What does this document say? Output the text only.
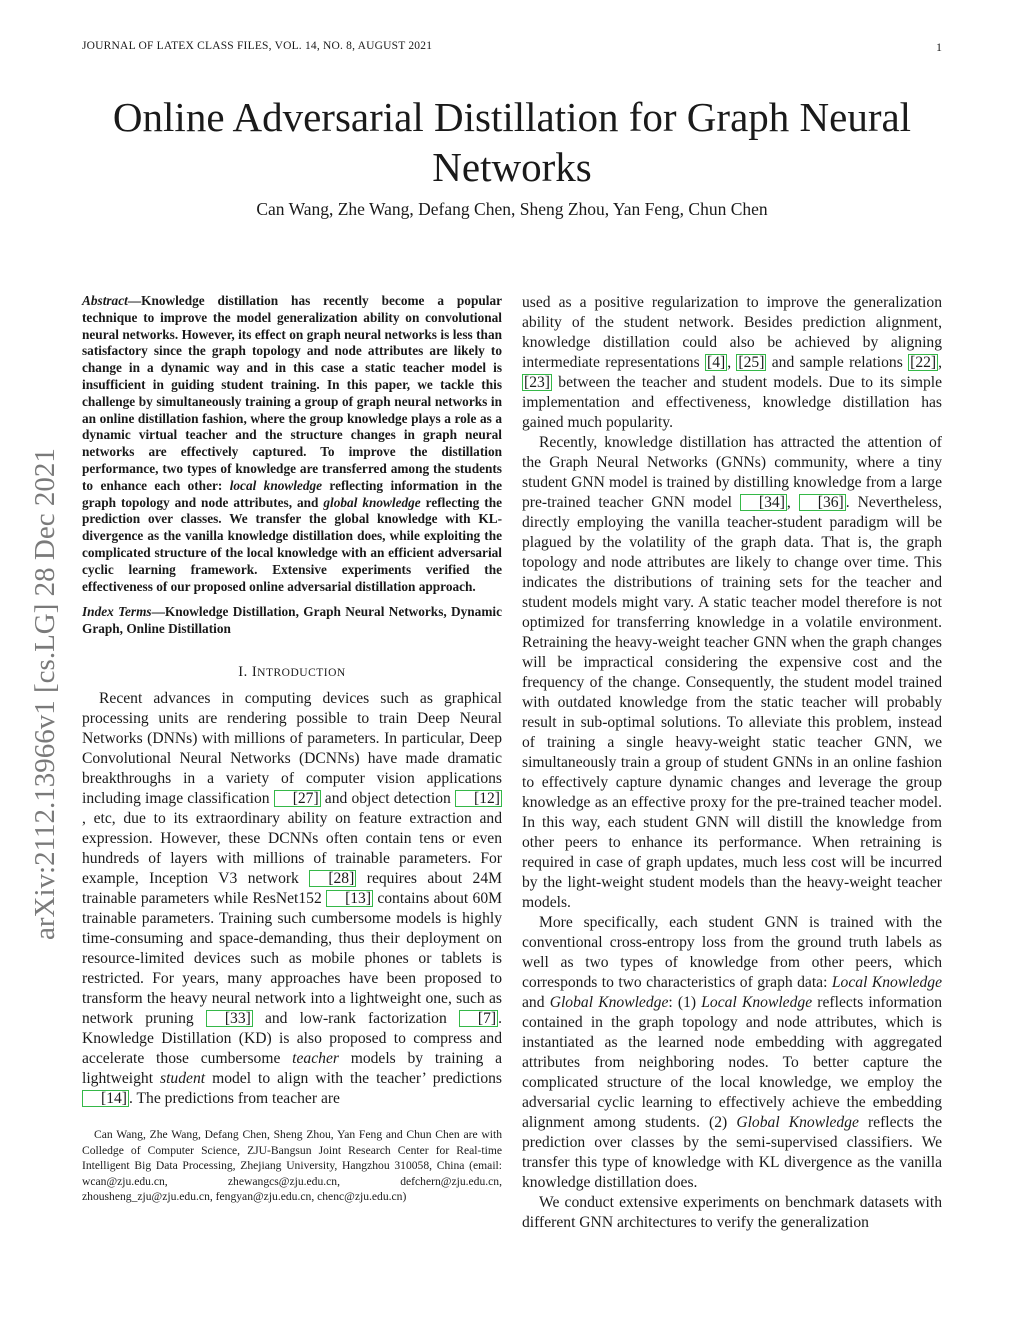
JOURNAL OF LATEX CLASS FILES, VOL. 14, NO. 8, AUGUST 2021	1
Online Adversarial Distillation for Graph Neural Networks
Can Wang, Zhe Wang, Defang Chen, Sheng Zhou, Yan Feng, Chun Chen
arXiv:2112.13966v1 [cs.LG] 28 Dec 2021

Abstract—Knowledge distillation has recently become a popular technique to improve the model generalization ability on convolutional neural networks. However, its effect on graph neural networks is less than satisfactory since the graph topology and node attributes are likely to change in a dynamic way and in this case a static teacher model is insufficient in guiding student training. In this paper, we tackle this challenge by simultaneously training a group of graph neural networks in an online distillation fashion, where the group knowledge plays a role as a dynamic virtual teacher and the structure changes in graph neural networks are effectively captured. To improve the distillation performance, two types of knowledge are transferred among the students to enhance each other: local knowledge reflecting information in the graph topology and node attributes, and global knowledge reflecting the prediction over classes. We transfer the global knowledge with KL-divergence as the vanilla knowledge distillation does, while exploiting the complicated structure of the local knowledge with an efficient adversarial cyclic learning framework. Extensive experiments verified the effectiveness of our proposed online adversarial distillation approach.

Index Terms—Knowledge Distillation, Graph Neural Networks, Dynamic Graph, Online Distillation

I. INTRODUCTION

Recent advances in computing devices such as graphical processing units are rendering possible to train Deep Neural Networks (DNNs) with millions of parameters. In particular, Deep Convolutional Neural Networks (DCNNs) have made dramatic breakthroughs in a variety of computer vision applications including image classification [27] and object detection [12], etc, due to its extraordinary ability on feature extraction and expression. However, these DCNNs often contain tens or even hundreds of layers with millions of trainable parameters. For example, Inception V3 network [28] requires about 24M trainable parameters while ResNet152 [13] contains about 60M trainable parameters. Training such cumbersome models is highly time-consuming and space-demanding, thus their deployment on resource-limited devices such as mobile phones or tablets is restricted. For years, many approaches have been proposed to transform the heavy neural network into a lightweight one, such as network pruning [33] and low-rank factorization [7] . Knowledge Distillation (KD) is also proposed to compress and accelerate those cumbersome teacher models by training a lightweight student model to align with the teacher’ predictions [14] . The predictions from teacher are

Can Wang, Zhe Wang, Defang Chen, Sheng Zhou, Yan Feng and Chun Chen are with Colledge of Computer Science, ZJU-Bangsun Joint Research Center for Real-time Intelligent Big Data Processing, Zhejiang University, Hangzhou 310058, China (email: wcan@zju.edu.cn, zhewangcs@zju.edu.cn, defchern@zju.edu.cn, zhousheng_zju@zju.edu.cn, fengyan@zju.edu.cn, chenc@zju.edu.cn)

used as a positive regularization to improve the generalization ability of the student network. Besides prediction alignment, knowledge distillation could also be achieved by aligning intermediate representations [4] , [25] and sample relations [22] , [23] between the teacher and student models. Due to its simple implementation and effectiveness, knowledge distillation has gained much popularity.

Recently, knowledge distillation has attracted the attention of the Graph Neural Networks (GNNs) community, where a tiny student GNN model is trained by distilling knowledge from a large pre-trained teacher GNN model [34] , [36] . Nevertheless, directly employing the vanilla teacher-student paradigm will be plagued by the volatility of the graph data. That is, the graph topology and node attributes are likely to change over time. This indicates the distributions of training sets for the teacher and student models might vary. A static teacher model therefore is not optimized for transferring knowledge in a volatile environment. Retraining the heavy-weight teacher GNN when the graph changes will be impractical considering the expensive cost and the frequency of the change. Consequently, the student model trained with outdated knowledge from the static teacher will probably result in sub-optimal solutions. To alleviate this problem, instead of training a single heavy-weight static teacher GNN, we simultaneously train a group of student GNNs in an online fashion to effectively capture dynamic changes and leverage the group knowledge as an effective proxy for the pre-trained teacher model. In this way, each student GNN will distill the knowledge from other peers to enhance its performance. When retraining is required in case of graph updates, much less cost will be incurred by the light-weight student models than the heavy-weight teacher models.

More specifically, each student GNN is trained with the conventional cross-entropy loss from the ground truth labels as well as two types of knowledge from other peers, which corresponds to two characteristics of graph data: Local Knowledge and Global Knowledge: (1) Local Knowledge reflects information contained in the graph topology and node attributes, which is instantiated as the learned node embedding with aggregated attributes from neighboring nodes. To better capture the complicated structure of the local knowledge, we employ the adversarial cyclic learning to effectively achieve the embedding alignment among students. (2) Global Knowledge reflects the prediction over classes by the semi-supervised classifiers. We transfer this type of knowledge with KL divergence as the vanilla knowledge distillation does.

We conduct extensive experiments on benchmark datasets with different GNN architectures to verify the generalization
